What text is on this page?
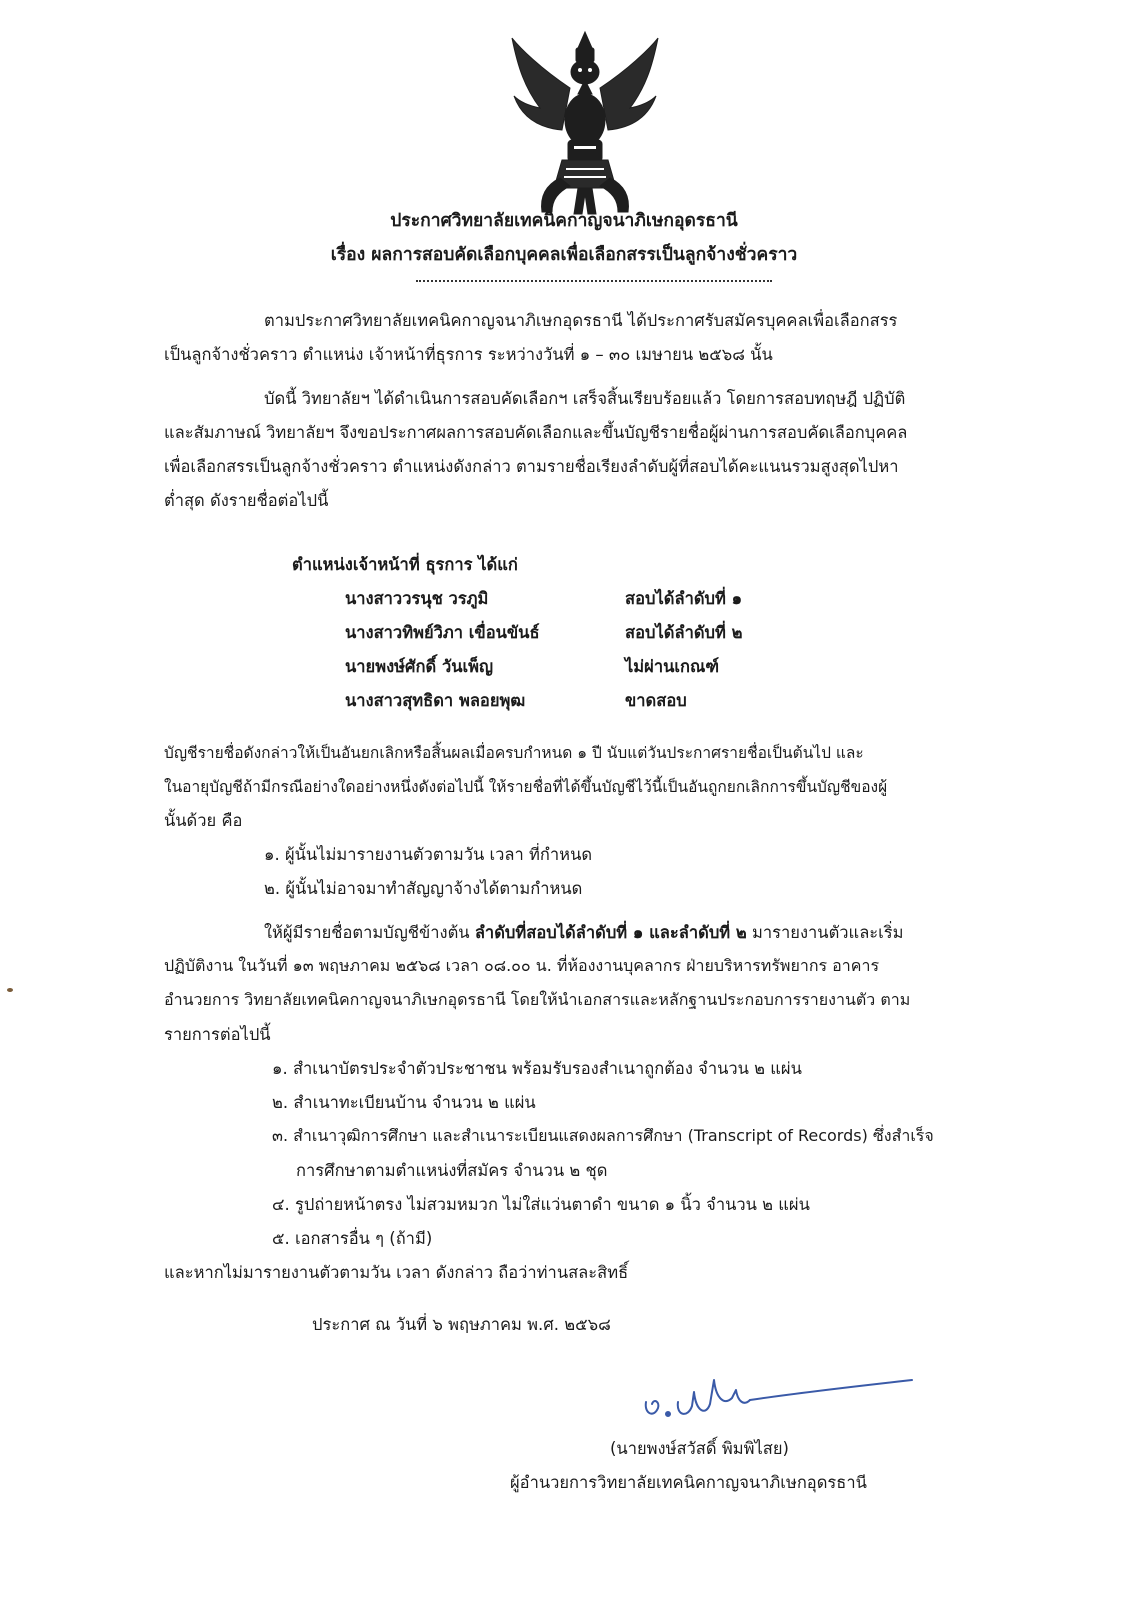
ประกาศวิทยาลัยเทคนิคกาญจนาภิเษกอุดรธานี
เรื่อง ผลการสอบคัดเลือกบุคคลเพื่อเลือกสรรเป็นลูกจ้างชั่วคราว
ตามประกาศวิทยาลัยเทคนิคกาญจนาภิเษกอุดรธานี ได้ประกาศรับสมัครบุคคลเพื่อเลือกสรร
เป็นลูกจ้างชั่วคราว ตำแหน่ง เจ้าหน้าที่ธุรการ ระหว่างวันที่ ๑ – ๓๐ เมษายน ๒๕๖๘ นั้น
บัดนี้ วิทยาลัยฯ ได้ดำเนินการสอบคัดเลือกฯ เสร็จสิ้นเรียบร้อยแล้ว โดยการสอบทฤษฎี ปฏิบัติ
และสัมภาษณ์ วิทยาลัยฯ จึงขอประกาศผลการสอบคัดเลือกและขึ้นบัญชีรายชื่อผู้ผ่านการสอบคัดเลือกบุคคล
เพื่อเลือกสรรเป็นลูกจ้างชั่วคราว ตำแหน่งดังกล่าว ตามรายชื่อเรียงลำดับผู้ที่สอบได้คะแนนรวมสูงสุดไปหา
ต่ำสุด ดังรายชื่อต่อไปนี้
ตำแหน่งเจ้าหน้าที่ ธุรการ ได้แก่
นางสาววรนุช วรภูมิ	สอบได้ลำดับที่ ๑
นางสาวทิพย์วิภา เขื่อนขันธ์	สอบได้ลำดับที่ ๒
นายพงษ์ศักดิ์ วันเพ็ญ	ไม่ผ่านเกณฑ์
นางสาวสุทธิดา พลอยพุฒ	ขาดสอบ
บัญชีรายชื่อดังกล่าวให้เป็นอันยกเลิกหรือสิ้นผลเมื่อครบกำหนด ๑ ปี นับแต่วันประกาศรายชื่อเป็นต้นไป และ
ในอายุบัญชีถ้ามีกรณีอย่างใดอย่างหนึ่งดังต่อไปนี้ ให้รายชื่อที่ได้ขึ้นบัญชีไว้นี้เป็นอันถูกยกเลิกการขึ้นบัญชีของผู้
นั้นด้วย คือ
๑. ผู้นั้นไม่มารายงานตัวตามวัน เวลา ที่กำหนด
๒. ผู้นั้นไม่อาจมาทำสัญญาจ้างได้ตามกำหนด
ให้ผู้มีรายชื่อตามบัญชีข้างต้น ลำดับที่สอบได้ลำดับที่ ๑ และลำดับที่ ๒ มารายงานตัวและเริ่ม
ปฏิบัติงาน ในวันที่ ๑๓ พฤษภาคม ๒๕๖๘ เวลา ๐๘.๐๐ น. ที่ห้องงานบุคลากร ฝ่ายบริหารทรัพยากร อาคาร
อำนวยการ วิทยาลัยเทคนิคกาญจนาภิเษกอุดรธานี โดยให้นำเอกสารและหลักฐานประกอบการรายงานตัว ตาม
รายการต่อไปนี้
๑. สำเนาบัตรประจำตัวประชาชน พร้อมรับรองสำเนาถูกต้อง จำนวน ๒ แผ่น
๒. สำเนาทะเบียนบ้าน จำนวน ๒ แผ่น
๓. สำเนาวุฒิการศึกษา และสำเนาระเบียนแสดงผลการศึกษา (Transcript of Records) ซึ่งสำเร็จ
การศึกษาตามตำแหน่งที่สมัคร จำนวน ๒ ชุด
๔. รูปถ่ายหน้าตรง ไม่สวมหมวก ไม่ใส่แว่นตาดำ ขนาด ๑ นิ้ว จำนวน ๒ แผ่น
๕. เอกสารอื่น ๆ (ถ้ามี)
และหากไม่มารายงานตัวตามวัน เวลา ดังกล่าว ถือว่าท่านสละสิทธิ์
ประกาศ ณ วันที่ ๖ พฤษภาคม พ.ศ. ๒๕๖๘
(นายพงษ์สวัสดิ์ พิมพิไสย)
ผู้อำนวยการวิทยาลัยเทคนิคกาญจนาภิเษกอุดรธานี
